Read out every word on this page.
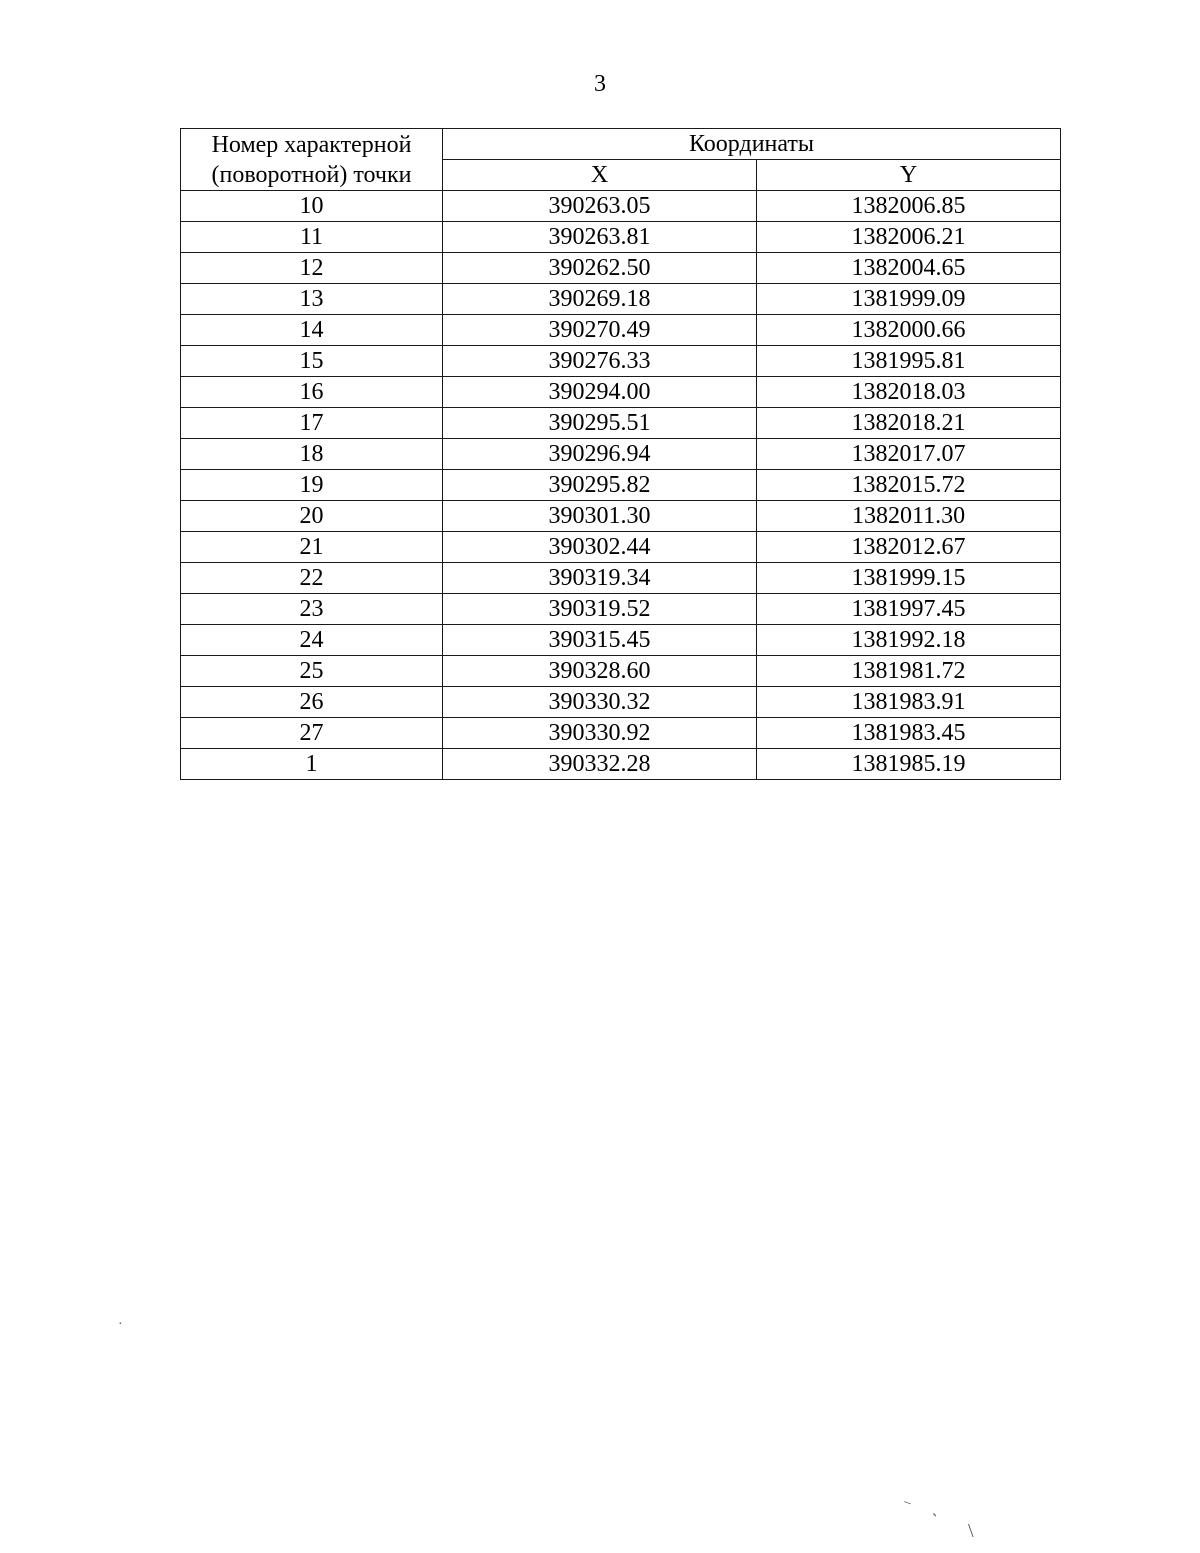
3
Номер характерной
(поворотной) точки	Координаты	
	X	Y
10	390263.05	1382006.85
11	390263.81	1382006.21
12	390262.50	1382004.65
13	390269.18	1381999.09
14	390270.49	1382000.66
15	390276.33	1381995.81
16	390294.00	1382018.03
17	390295.51	1382018.21
18	390296.94	1382017.07
19	390295.82	1382015.72
20	390301.30	1382011.30
21	390302.44	1382012.67
22	390319.34	1381999.15
23	390319.52	1381997.45
24	390315.45	1381992.18
25	390328.60	1381981.72
26	390330.32	1381983.91
27	390330.92	1381983.45
1	390332.28	1381985.19
·
–
-
\
